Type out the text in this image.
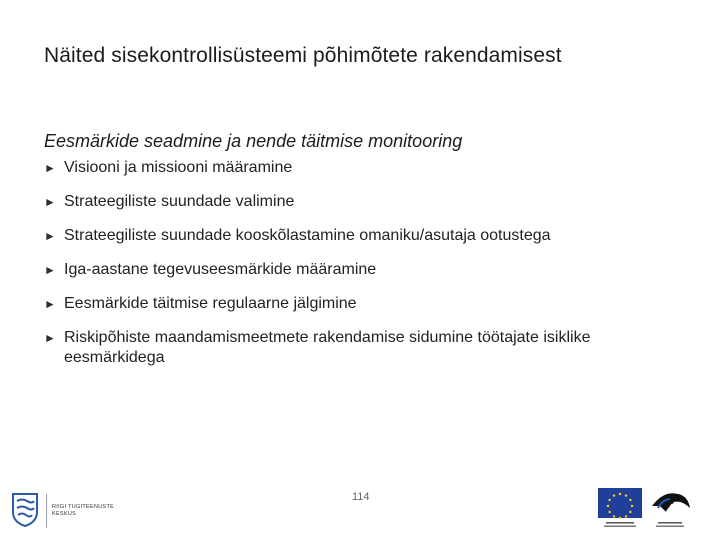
Näited sisekontrollisüsteemi põhimõtete rakendamisest
Eesmärkide seadmine ja nende täitmise monitooring
► Visiooni ja missiooni määramine
► Strateegiliste suundade valimine
► Strateegiliste suundade kooskõlastamine omaniku/asutaja ootustega
► Iga-aastane tegevuseesmärkide määramine
► Eesmärkide täitmise regulaarne jälgimine
► Riskipõhiste maandamismeetmete rakendamise sidumine töötajate isiklike eesmärkidega
114
RIIGI TUGITEENUSTE
KESKUS
